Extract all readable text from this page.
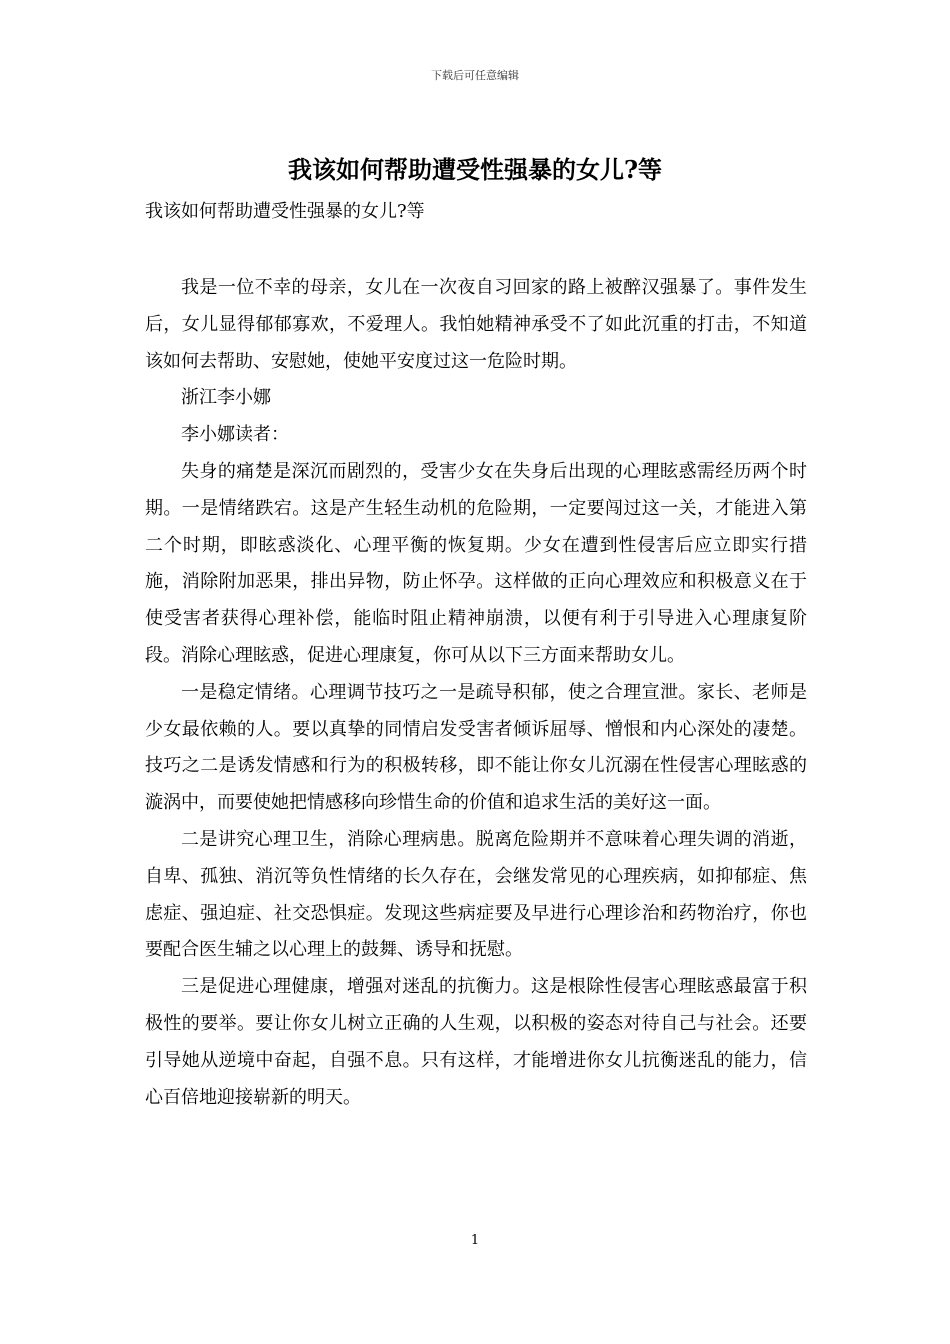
下载后可任意编辑
我该如何帮助遭受性强暴的女儿?等

我该如何帮助遭受性强暴的女儿?等

我是一位不幸的母亲，女儿在一次夜自习回家的路上被醉汉强暴了。事件发生后，女儿显得郁郁寡欢，不爱理人。我怕她精神承受不了如此沉重的打击，不知道该如何去帮助、安慰她，使她平安度过这一危险时期。

浙江李小娜

李小娜读者：

失身的痛楚是深沉而剧烈的，受害少女在失身后出现的心理眩惑需经历两个时期。一是情绪跌宕。这是产生轻生动机的危险期，一定要闯过这一关，才能进入第二个时期，即眩惑淡化、心理平衡的恢复期。少女在遭到性侵害后应立即实行措施，消除附加恶果，排出异物，防止怀孕。这样做的正向心理效应和积极意义在于使受害者获得心理补偿，能临时阻止精神崩溃，以便有利于引导进入心理康复阶段。消除心理眩惑，促进心理康复，你可从以下三方面来帮助女儿。

一是稳定情绪。心理调节技巧之一是疏导积郁，使之合理宣泄。家长、老师是少女最依赖的人。要以真挚的同情启发受害者倾诉屈辱、憎恨和内心深处的凄楚。技巧之二是诱发情感和行为的积极转移，即不能让你女儿沉溺在性侵害心理眩惑的漩涡中，而要使她把情感移向珍惜生命的价值和追求生活的美好这一面。

二是讲究心理卫生，消除心理病患。脱离危险期并不意味着心理失调的消逝，自卑、孤独、消沉等负性情绪的长久存在，会继发常见的心理疾病，如抑郁症、焦虑症、强迫症、社交恐惧症。发现这些病症要及早进行心理诊治和药物治疗，你也要配合医生辅之以心理上的鼓舞、诱导和抚慰。

三是促进心理健康，增强对迷乱的抗衡力。这是根除性侵害心理眩惑最富于积极性的要举。要让你女儿树立正确的人生观，以积极的姿态对待自己与社会。还要引导她从逆境中奋起，自强不息。只有这样，才能增进你女儿抗衡迷乱的能力，信心百倍地迎接崭新的明天。

1
